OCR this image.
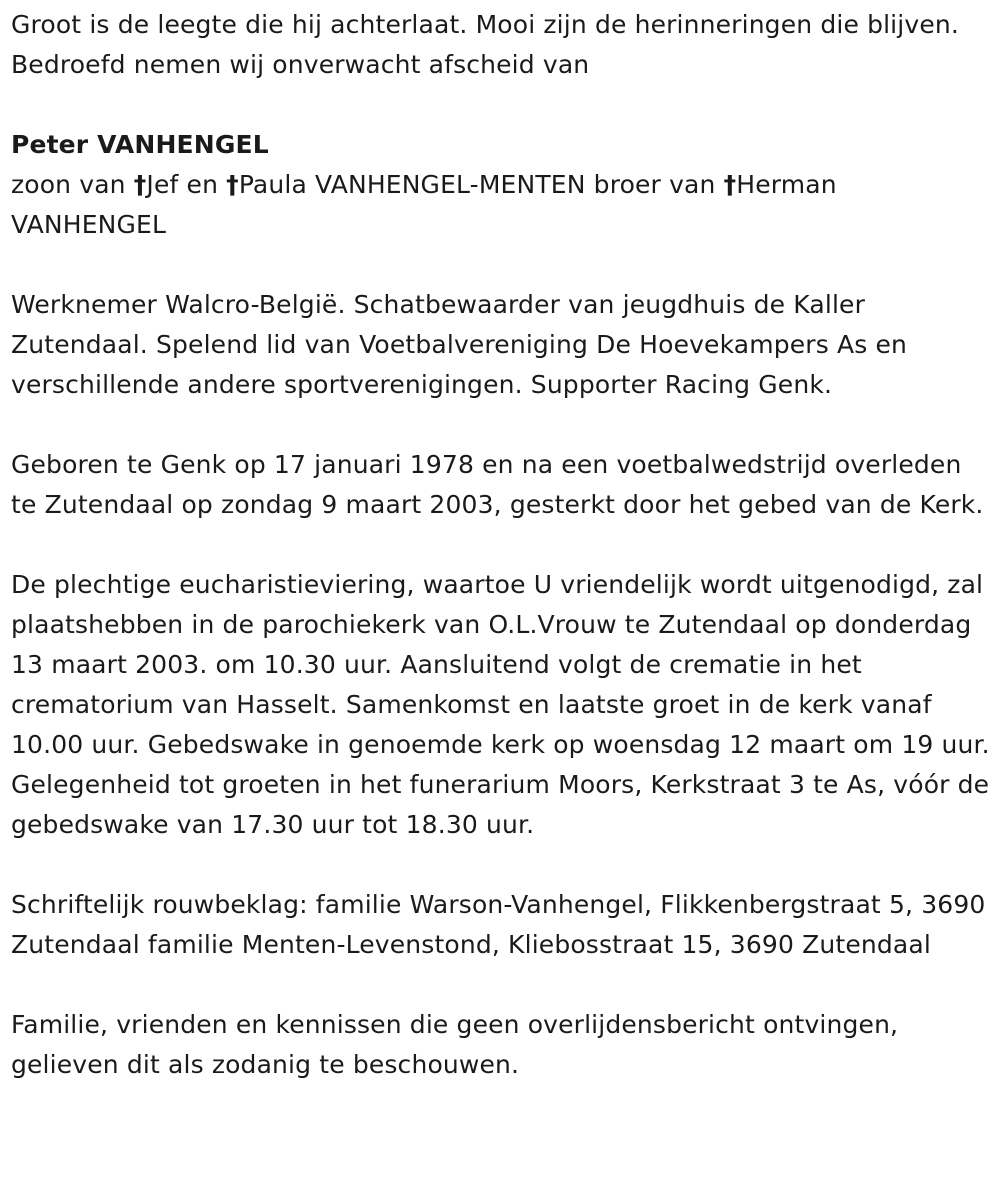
Groot is de leegte die hij achterlaat. Mooi zijn de herinneringen die blijven. Bedroefd nemen wij onverwacht afscheid van

Peter VANHENGEL

zoon van †Jef en †Paula VANHENGEL-MENTEN broer van †Herman VANHENGEL

Werknemer Walcro-België. Schatbewaarder van jeugdhuis de Kaller Zutendaal. Spelend lid van Voetbalvereniging De Hoevekampers As en verschillende andere sportverenigingen. Supporter Racing Genk.

Geboren te Genk op 17 januari 1978 en na een voetbalwedstrijd overleden te Zutendaal op zondag 9 maart 2003, gesterkt door het gebed van de Kerk.

De plechtige eucharistieviering, waartoe U vriendelijk wordt uitgenodigd, zal plaatshebben in de parochiekerk van O.L.Vrouw te Zutendaal op donderdag 13 maart 2003. om 10.30 uur. Aansluitend volgt de crematie in het crematorium van Hasselt. Samenkomst en laatste groet in de kerk vanaf 10.00 uur. Gebedswake in genoemde kerk op woensdag 12 maart om 19 uur. Gelegenheid tot groeten in het funerarium Moors, Kerkstraat 3 te As, vóór de gebedswake van 17.30 uur tot 18.30 uur.

Schriftelijk rouwbeklag: familie Warson-Vanhengel, Flikkenbergstraat 5, 3690 Zutendaal familie Menten-Levenstond, Kliebosstraat 15, 3690 Zutendaal

Familie, vrienden en kennissen die geen overlijdensbericht ontvingen, gelieven dit als zodanig te beschouwen.
